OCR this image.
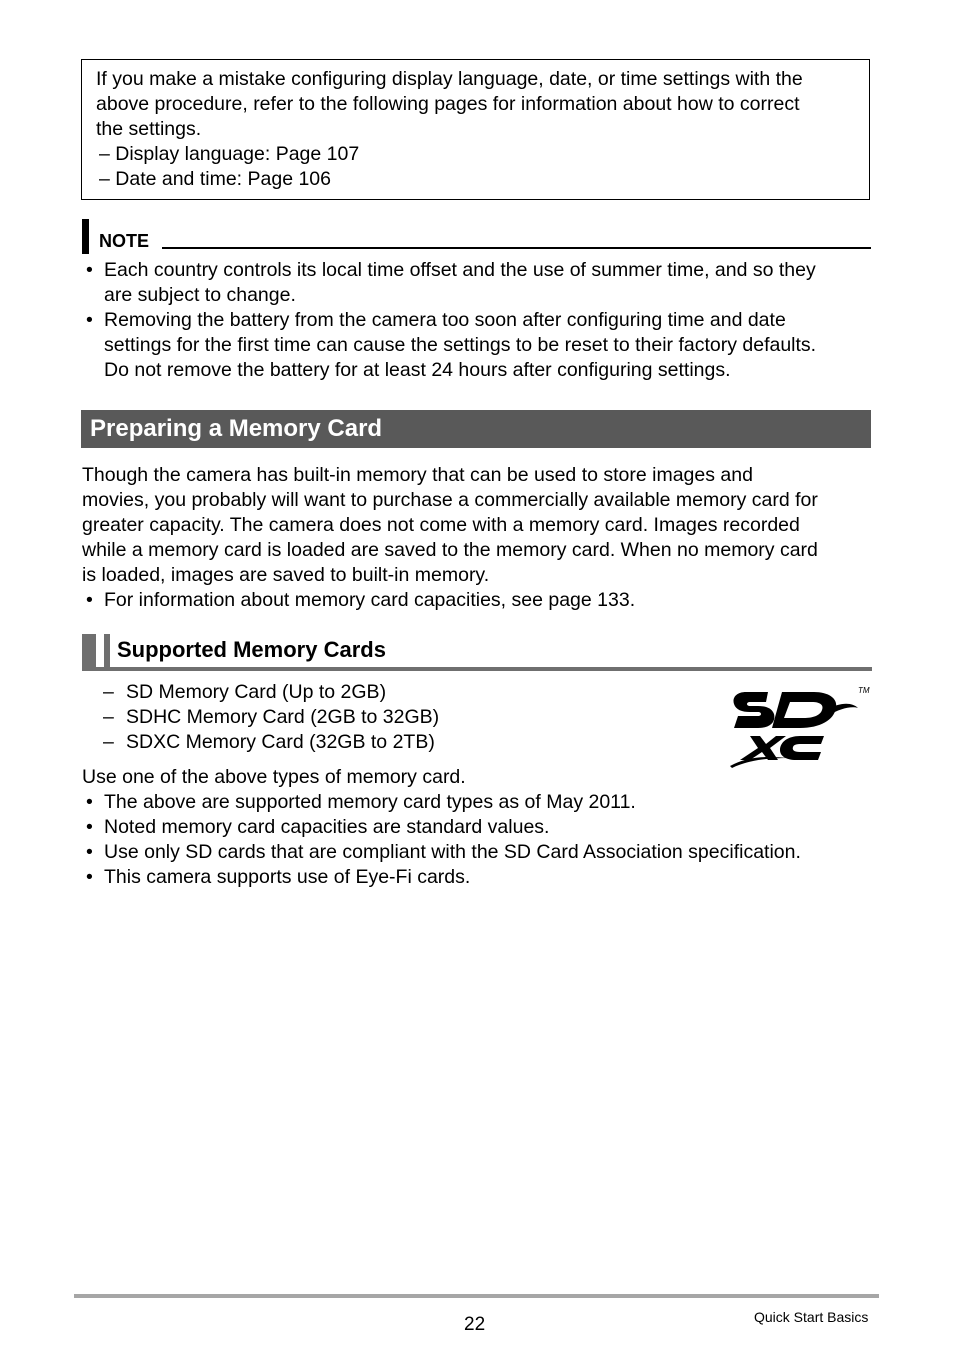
If you make a mistake configuring display language, date, or time settings with the
above procedure, refer to the following pages for information about how to correct
the settings.
– Display language: Page 107
– Date and time: Page 106
NOTE
• Each country controls its local time offset and the use of summer time, and so they
are subject to change.
• Removing the battery from the camera too soon after configuring time and date
settings for the first time can cause the settings to be reset to their factory defaults.
Do not remove the battery for at least 24 hours after configuring settings.
Preparing a Memory Card
Though the camera has built-in memory that can be used to store images and
movies, you probably will want to purchase a commercially available memory card for
greater capacity. The camera does not come with a memory card. Images recorded
while a memory card is loaded are saved to the memory card. When no memory card
is loaded, images are saved to built-in memory.
• For information about memory card capacities, see page 133.
Supported Memory Cards
– SD Memory Card (Up to 2GB)
– SDHC Memory Card (2GB to 32GB)
– SDXC Memory Card (32GB to 2TB)
TM
Use one of the above types of memory card.
• The above are supported memory card types as of May 2011.
• Noted memory card capacities are standard values.
• Use only SD cards that are compliant with the SD Card Association specification.
• This camera supports use of Eye-Fi cards.
22	Quick Start Basics
